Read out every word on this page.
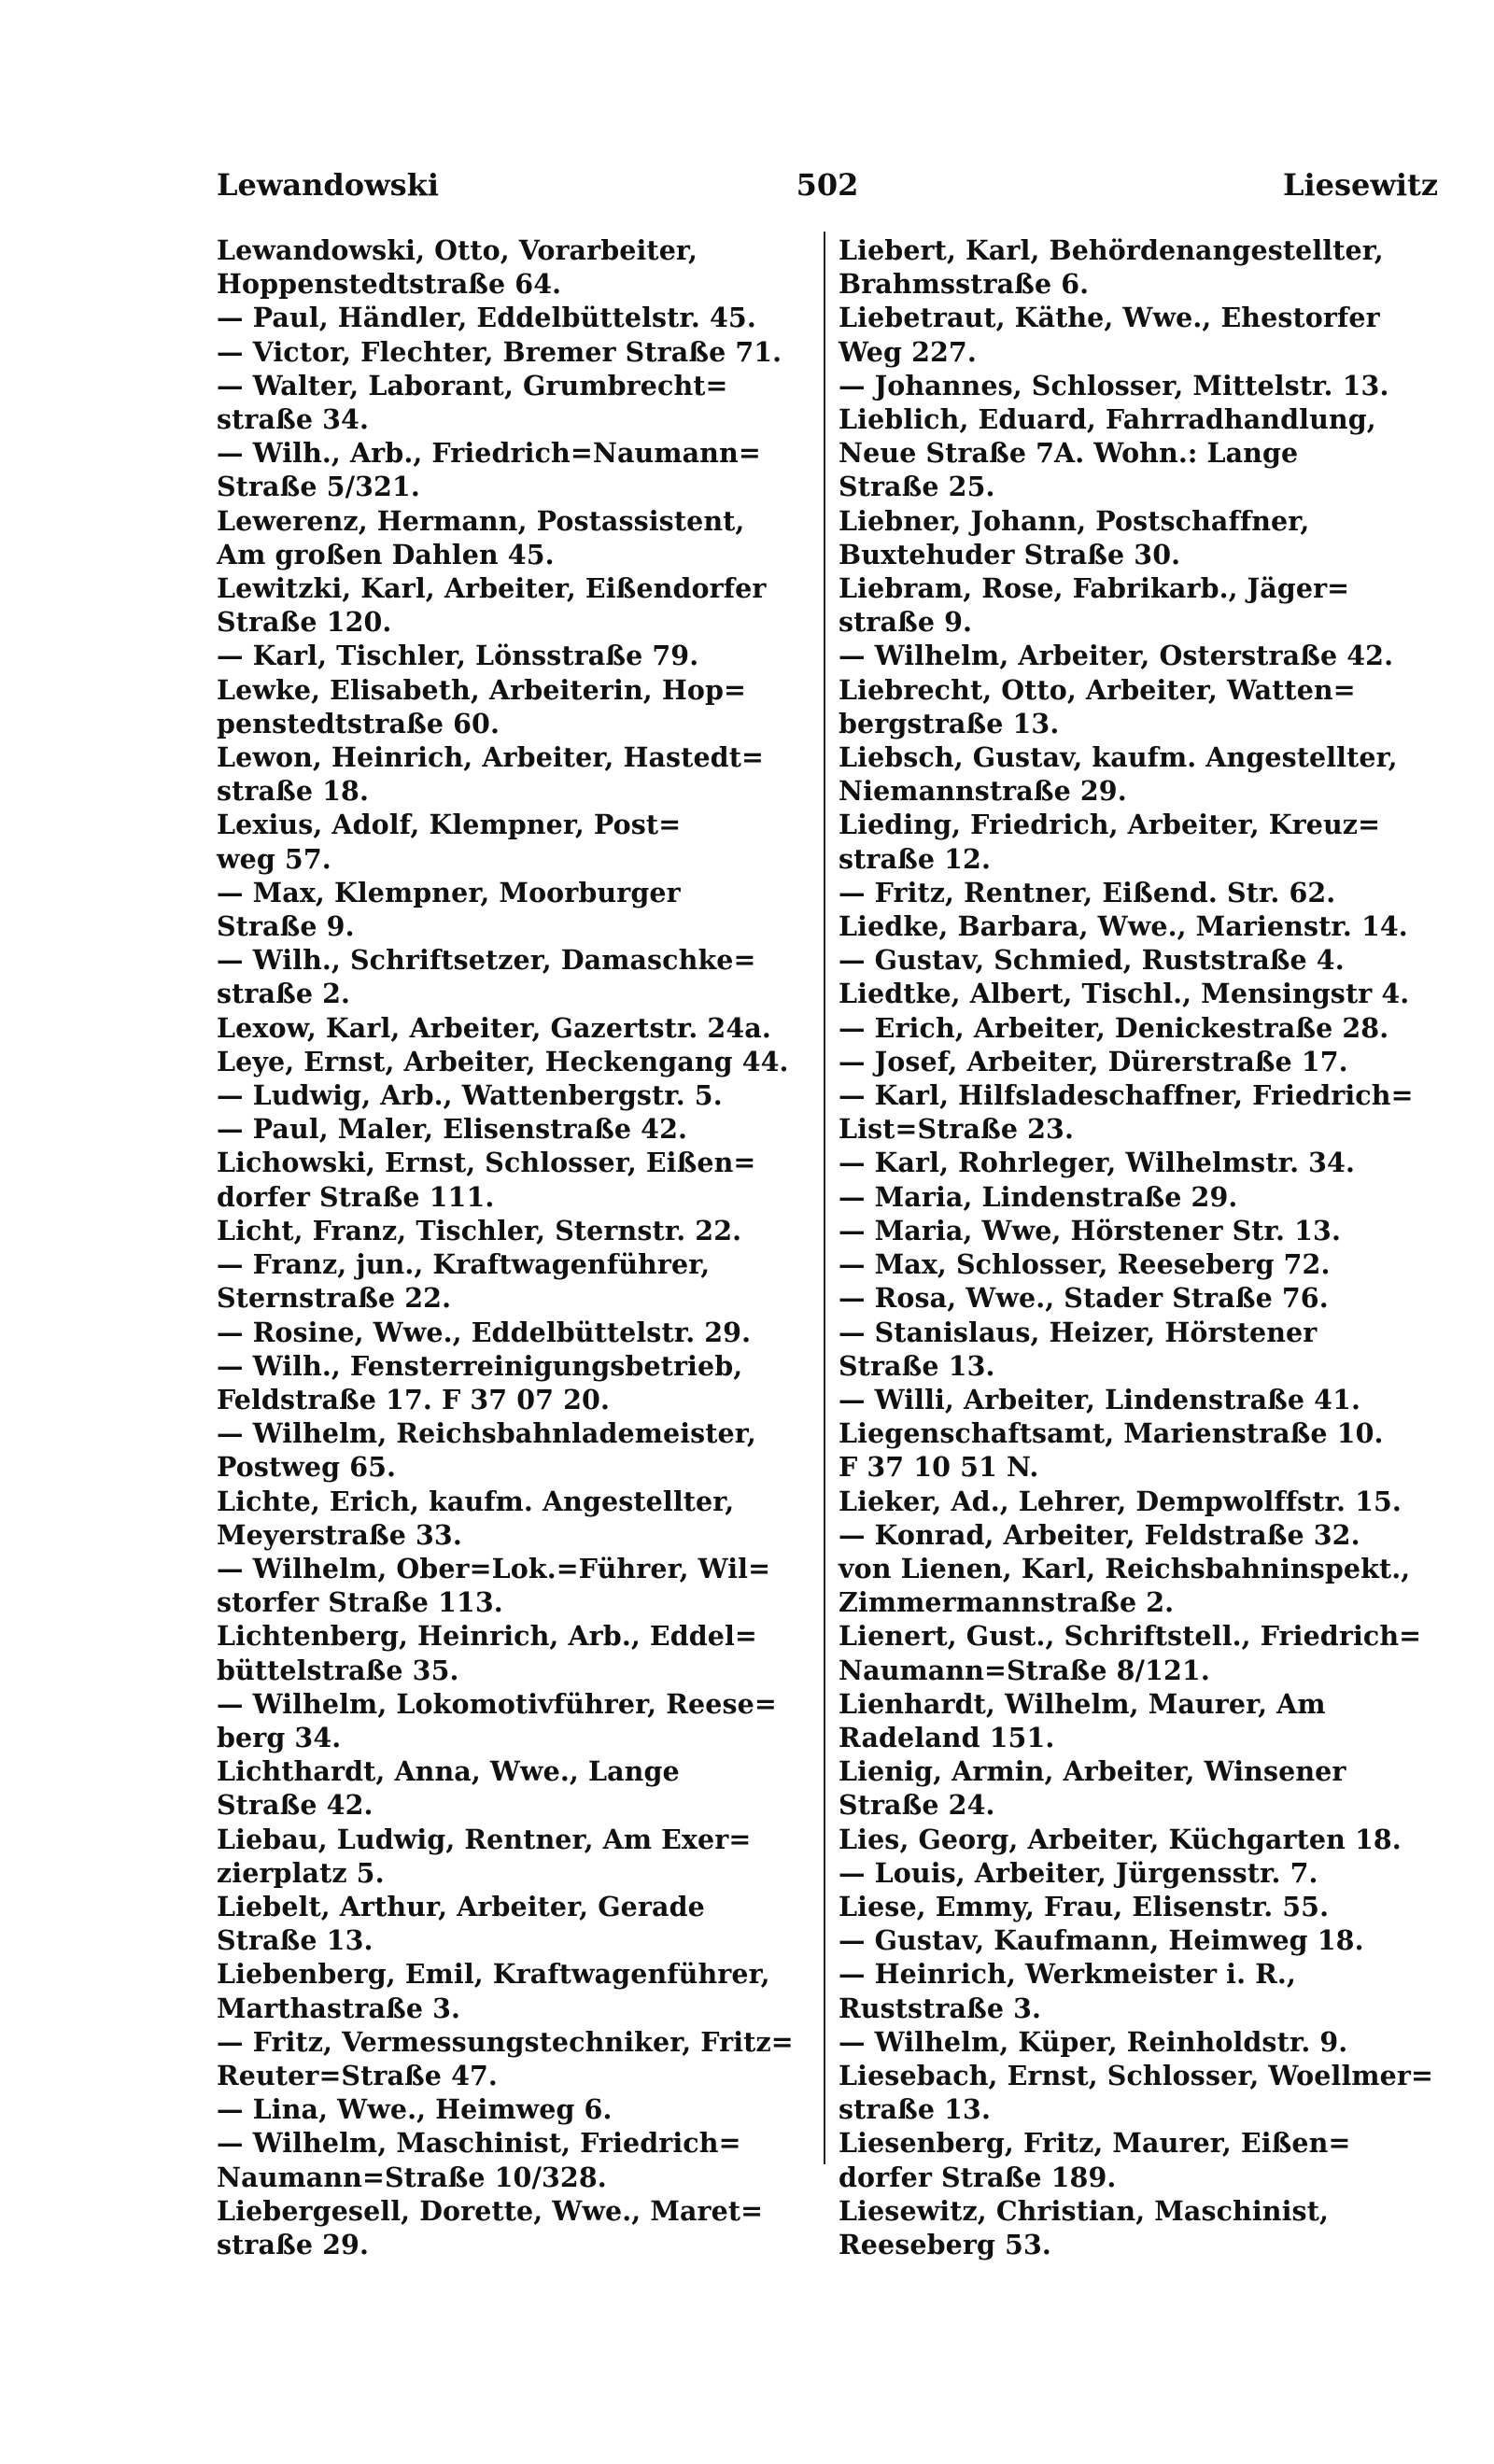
Lewandowski	502	Liesewitz
Lewandowski, Otto, Vorarbeiter,
Hoppenstedtstraße 64.
— Paul, Händler, Eddelbüttelstr. 45.
— Victor, Flechter, Bremer Straße 71.
— Walter, Laborant, Grumbrecht=
straße 34.
— Wilh., Arb., Friedrich=Naumann=
Straße 5/321.
Lewerenz, Hermann, Postassistent,
Am großen Dahlen 45.
Lewitzki, Karl, Arbeiter, Eißendorfer
Straße 120.
— Karl, Tischler, Lönsstraße 79.
Lewke, Elisabeth, Arbeiterin, Hop=
penstedtstraße 60.
Lewon, Heinrich, Arbeiter, Hastedt=
straße 18.
Lexius, Adolf, Klempner, Post=
weg 57.
— Max, Klempner, Moorburger
Straße 9.
— Wilh., Schriftsetzer, Damaschke=
straße 2.
Lexow, Karl, Arbeiter, Gazertstr. 24a.
Leye, Ernst, Arbeiter, Heckengang 44.
— Ludwig, Arb., Wattenbergstr. 5.
— Paul, Maler, Elisenstraße 42.
Lichowski, Ernst, Schlosser, Eißen=
dorfer Straße 111.
Licht, Franz, Tischler, Sternstr. 22.
— Franz, jun., Kraftwagenführer,
Sternstraße 22.
— Rosine, Wwe., Eddelbüttelstr. 29.
— Wilh., Fensterreinigungsbetrieb,
Feldstraße 17. F 37 07 20.
— Wilhelm, Reichsbahnlademeister,
Postweg 65.
Lichte, Erich, kaufm. Angestellter,
Meyerstraße 33.
— Wilhelm, Ober=Lok.=Führer, Wil=
storfer Straße 113.
Lichtenberg, Heinrich, Arb., Eddel=
büttelstraße 35.
— Wilhelm, Lokomotivführer, Reese=
berg 34.
Lichthardt, Anna, Wwe., Lange
Straße 42.
Liebau, Ludwig, Rentner, Am Exer=
zierplatz 5.
Liebelt, Arthur, Arbeiter, Gerade
Straße 13.
Liebenberg, Emil, Kraftwagenführer,
Marthastraße 3.
— Fritz, Vermessungstechniker, Fritz=
Reuter=Straße 47.
— Lina, Wwe., Heimweg 6.
— Wilhelm, Maschinist, Friedrich=
Naumann=Straße 10/328.
Liebergesell, Dorette, Wwe., Maret=
straße 29.
Liebert, Karl, Behördenangestellter,
Brahmsstraße 6.
Liebetraut, Käthe, Wwe., Ehestorfer
Weg 227.
— Johannes, Schlosser, Mittelstr. 13.
Lieblich, Eduard, Fahrradhandlung,
Neue Straße 7A. Wohn.: Lange
Straße 25.
Liebner, Johann, Postschaffner,
Buxtehuder Straße 30.
Liebram, Rose, Fabrikarb., Jäger=
straße 9.
— Wilhelm, Arbeiter, Osterstraße 42.
Liebrecht, Otto, Arbeiter, Watten=
bergstraße 13.
Liebsch, Gustav, kaufm. Angestellter,
Niemannstraße 29.
Lieding, Friedrich, Arbeiter, Kreuz=
straße 12.
— Fritz, Rentner, Eißend. Str. 62.
Liedke, Barbara, Wwe., Marienstr. 14.
— Gustav, Schmied, Ruststraße 4.
Liedtke, Albert, Tischl., Mensingstr 4.
— Erich, Arbeiter, Denickestraße 28.
— Josef, Arbeiter, Dürerstraße 17.
— Karl, Hilfsladeschaffner, Friedrich=
List=Straße 23.
— Karl, Rohrleger, Wilhelmstr. 34.
— Maria, Lindenstraße 29.
— Maria, Wwe, Hörstener Str. 13.
— Max, Schlosser, Reeseberg 72.
— Rosa, Wwe., Stader Straße 76.
— Stanislaus, Heizer, Hörstener
Straße 13.
— Willi, Arbeiter, Lindenstraße 41.
Liegenschaftsamt, Marienstraße 10.
F 37 10 51 N.
Lieker, Ad., Lehrer, Dempwolffstr. 15.
— Konrad, Arbeiter, Feldstraße 32.
von Lienen, Karl, Reichsbahninspekt.,
Zimmermannstraße 2.
Lienert, Gust., Schriftstell., Friedrich=
Naumann=Straße 8/121.
Lienhardt, Wilhelm, Maurer, Am
Radeland 151.
Lienig, Armin, Arbeiter, Winsener
Straße 24.
Lies, Georg, Arbeiter, Küchgarten 18.
— Louis, Arbeiter, Jürgensstr. 7.
Liese, Emmy, Frau, Elisenstr. 55.
— Gustav, Kaufmann, Heimweg 18.
— Heinrich, Werkmeister i. R.,
Ruststraße 3.
— Wilhelm, Küper, Reinholdstr. 9.
Liesebach, Ernst, Schlosser, Woellmer=
straße 13.
Liesenberg, Fritz, Maurer, Eißen=
dorfer Straße 189.
Liesewitz, Christian, Maschinist,
Reeseberg 53.
